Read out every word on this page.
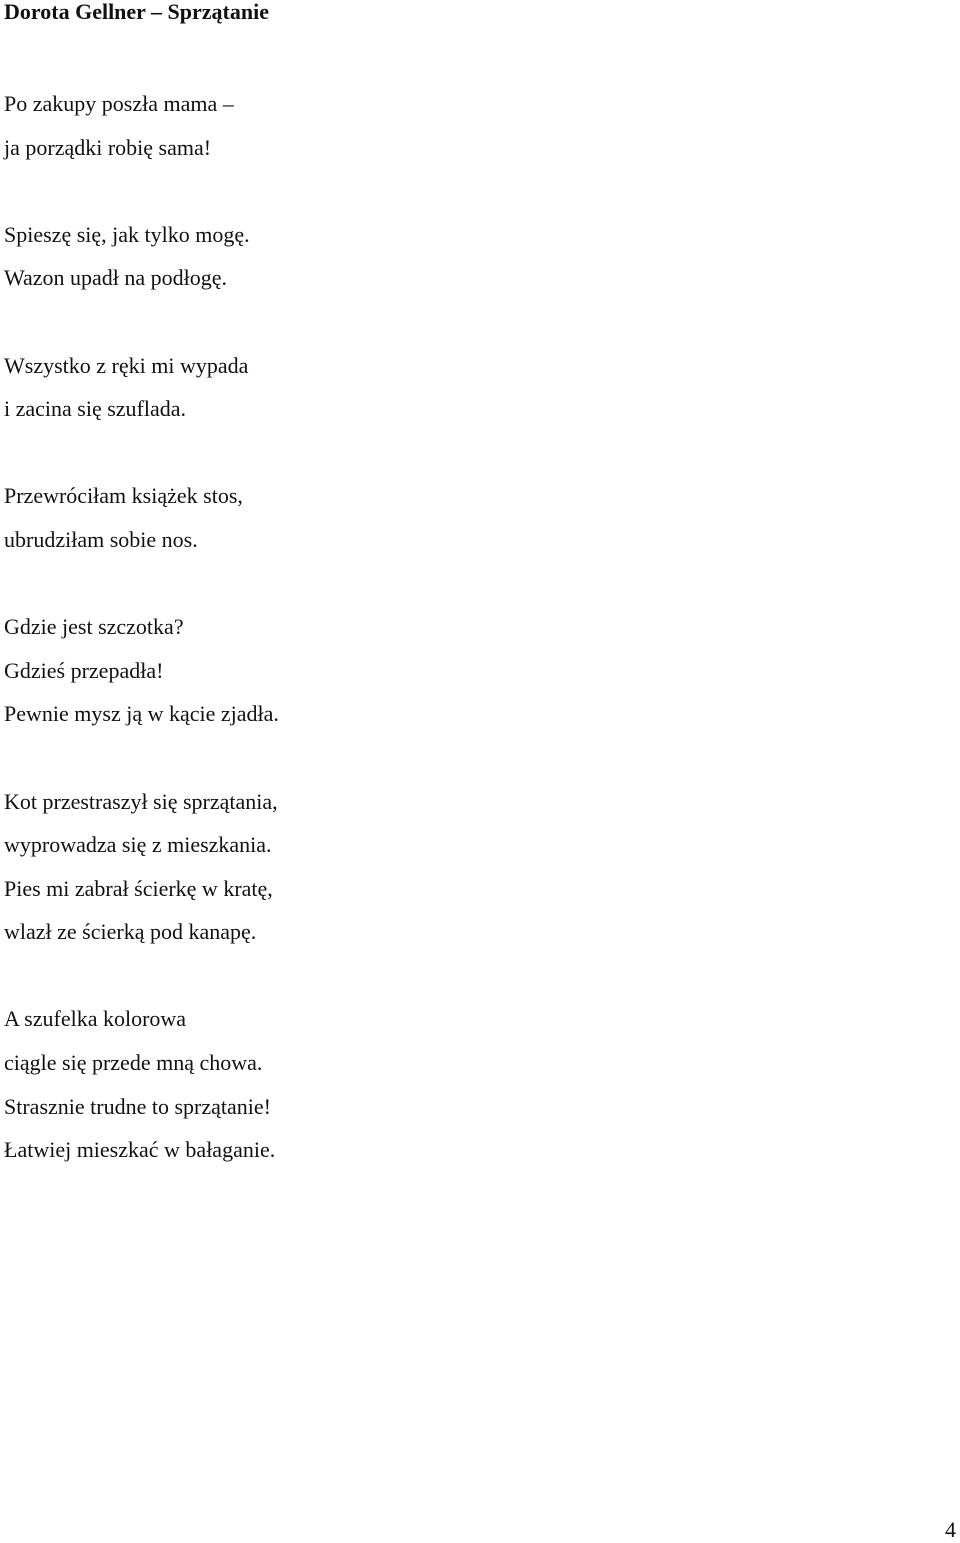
Dorota Gellner – Sprzątanie
Po zakupy poszła mama –
ja porządki robię sama!
Spieszę się, jak tylko mogę.
Wazon upadł na podłogę.
Wszystko z ręki mi wypada
i zacina się szuflada.
Przewróciłam książek stos,
ubrudziłam sobie nos.
Gdzie jest szczotka?
Gdzieś przepadła!
Pewnie mysz ją w kącie zjadła.
Kot przestraszył się sprzątania,
wyprowadza się z mieszkania.
Pies mi zabrał ścierkę w kratę,
wlazł ze ścierką pod kanapę.
A szufelka kolorowa
ciągle się przede mną chowa.
Strasznie trudne to sprzątanie!
Łatwiej mieszkać w bałaganie.
4
